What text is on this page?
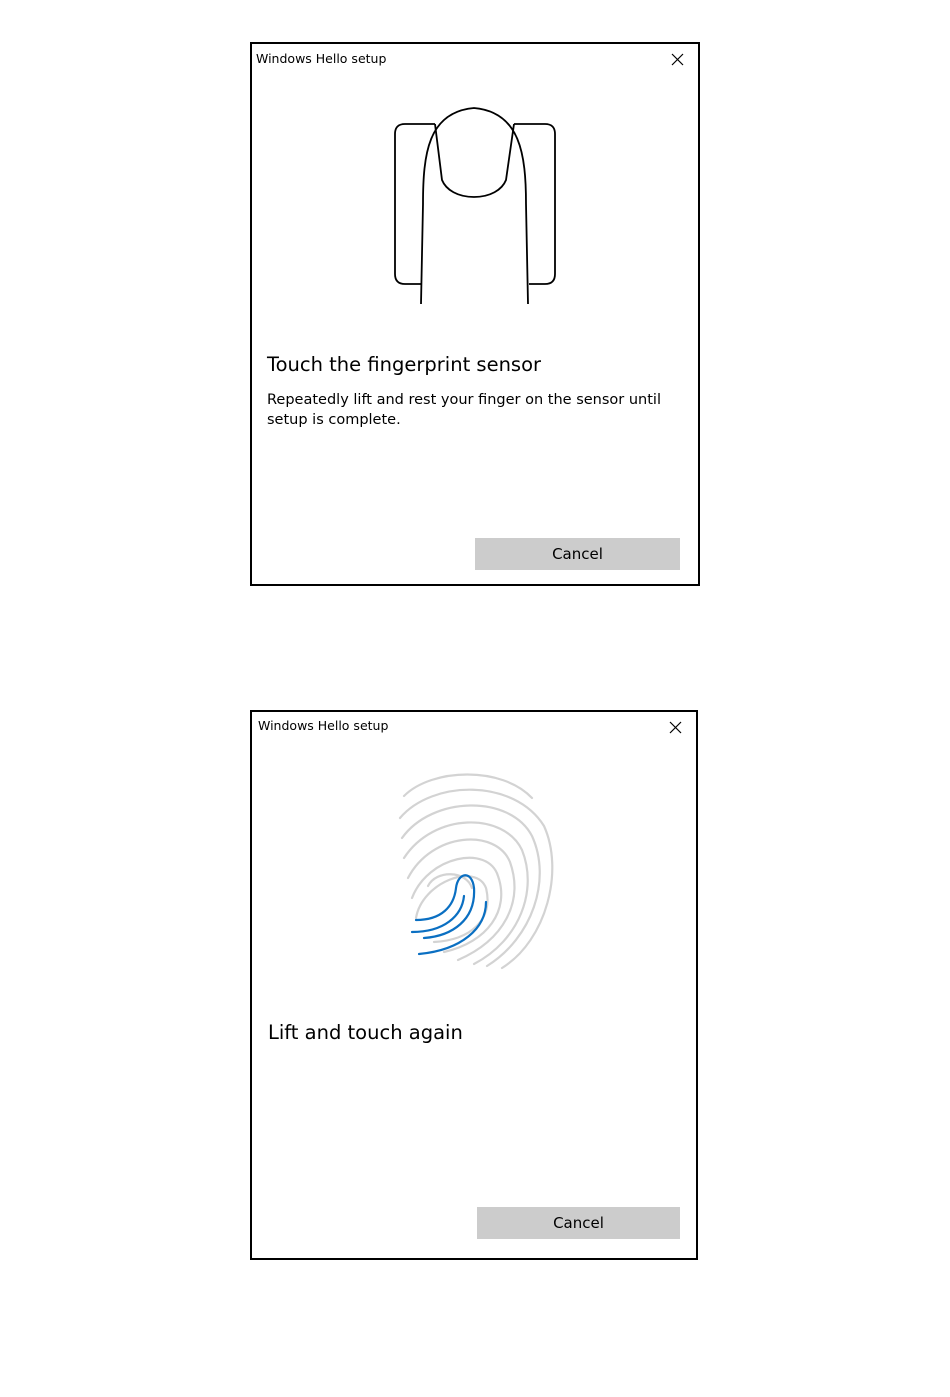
Windows Hello setup
Touch the fingerprint sensor
Repeatedly lift and rest your finger on the sensor until setup is complete.
Cancel
Windows Hello setup
Lift and touch again
Cancel
